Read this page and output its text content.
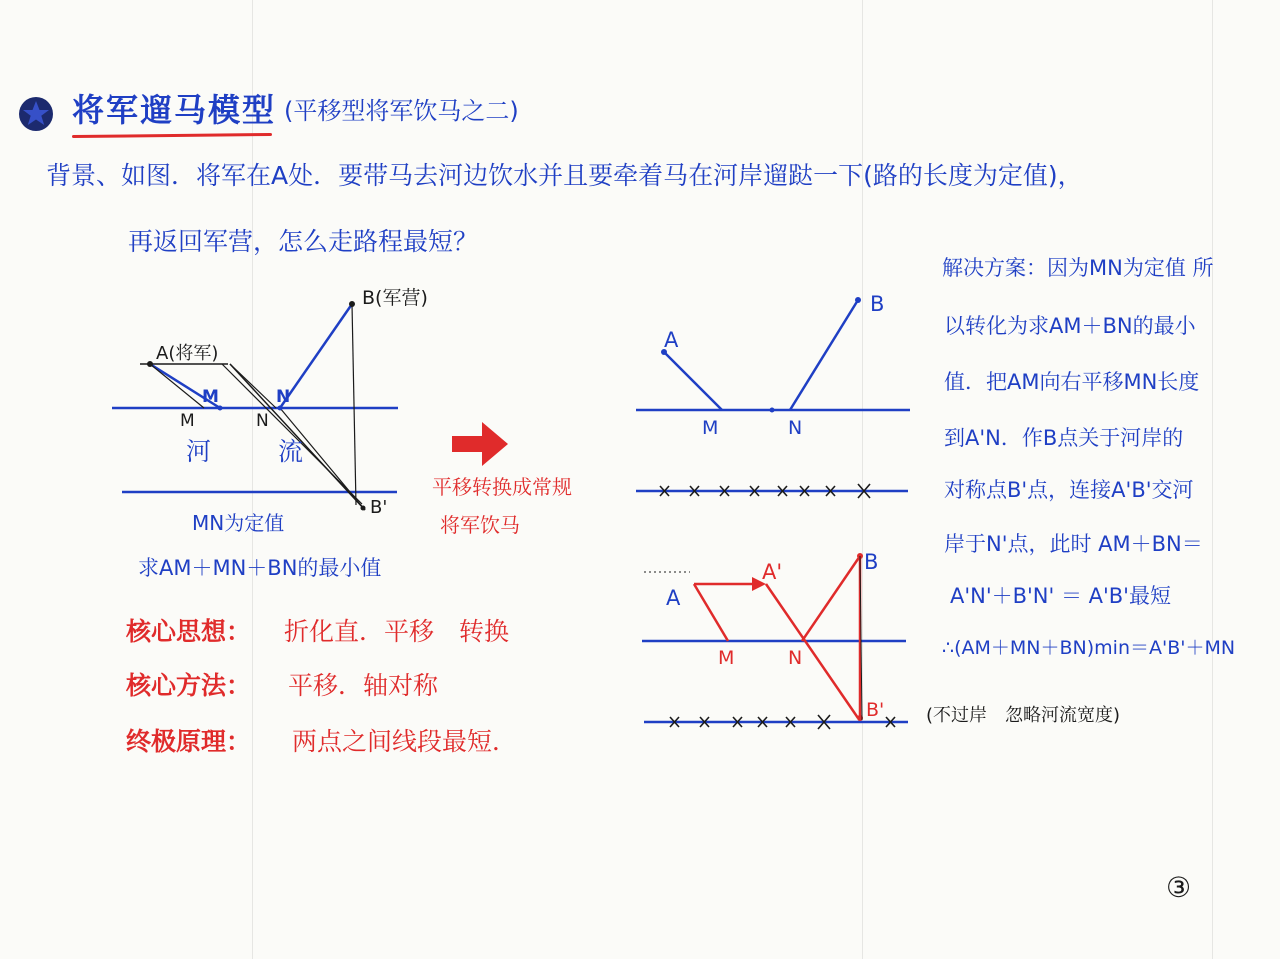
将军遛马模型 (平移型将军饮马之二)
背景、如图．将军在A处．要带马去河边饮水并且要牵着马在河岸遛跶一下(路的长度为定值)，
再返回军营，怎么走路程最短？
A(将军)
B(军营)
M
M
N
N
河	流
B'
MN为定值
求AM＋MN＋BN的最小值
平移转换成常规
将军饮马
核心思想： 折化直．平移　转换
核心方法： 平移．轴对称
终极原理： 两点之间线段最短．
A
B
M	N
A
A'	B
M	N
B' (不过岸　忽略河流宽度)
解决方案：因为MN为定值 所
以转化为求AM＋BN的最小
值．把AM向右平移MN长度
到A'N．作B点关于河岸的
对称点B'点，连接A'B'交河
岸于N'点，此时 AM＋BN＝
A'N'＋B'N' ＝ A'B'最短
∴(AM＋MN＋BN)min＝A'B'＋MN
③
